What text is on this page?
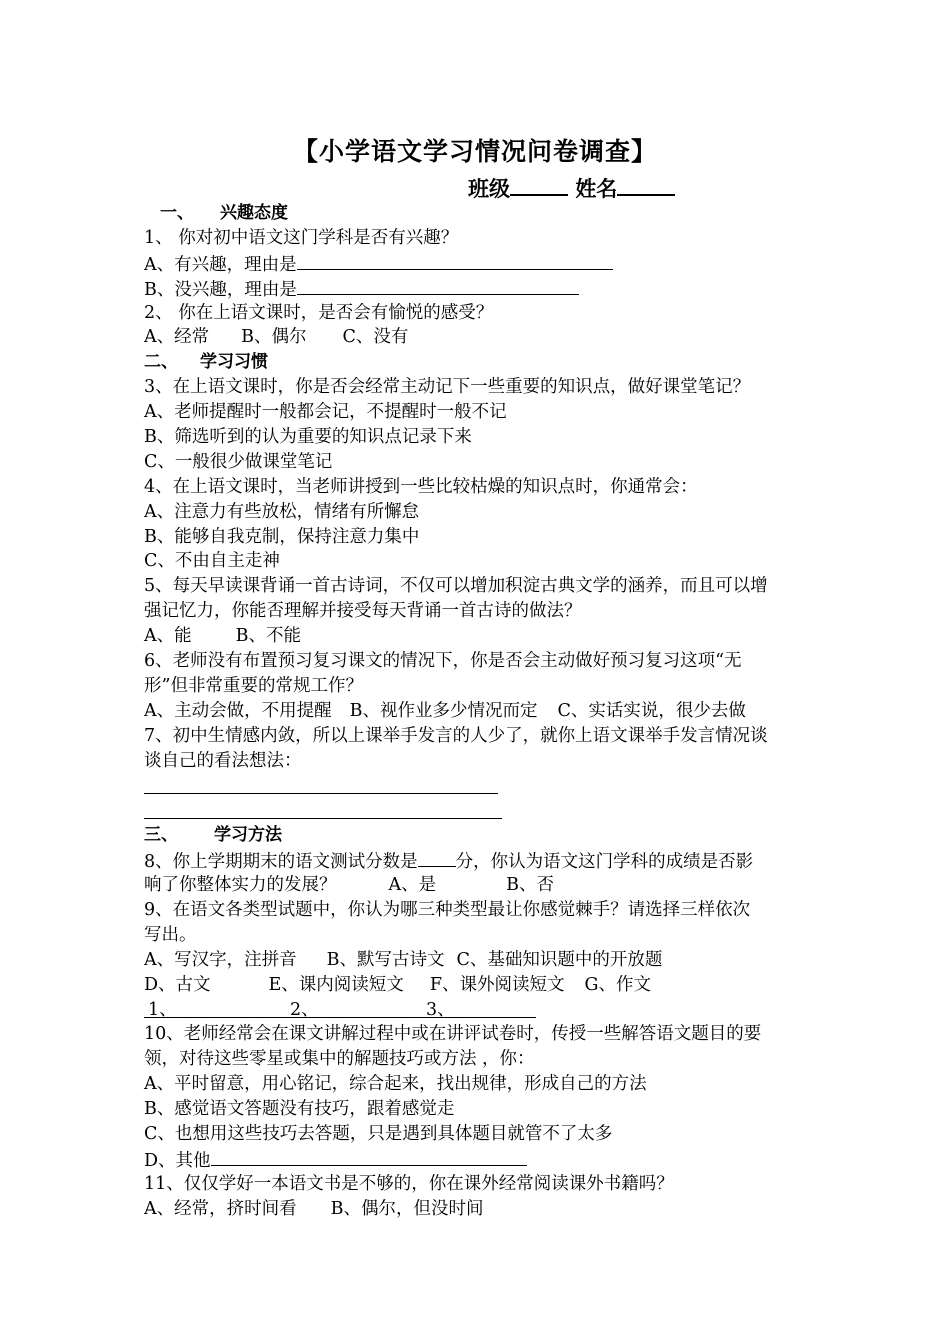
【小学语文学习情况问卷调查】
班级	姓名
一、 兴趣态度
1、 你对初中语文这门学科是否有兴趣？
A、有兴趣，理由是
B、没兴趣，理由是
2、 你在上语文课时，是否会有愉悦的感受？
A、经常 B、偶尔 C、没有
二、 学习习惯
3、在上语文课时，你是否会经常主动记下一些重要的知识点，做好课堂笔记？
A、老师提醒时一般都会记，不提醒时一般不记
B、筛选听到的认为重要的知识点记录下来
C、一般很少做课堂笔记
4、在上语文课时，当老师讲授到一些比较枯燥的知识点时，你通常会：
A、注意力有些放松，情绪有所懈怠
B、能够自我克制，保持注意力集中
C、不由自主走神
5、每天早读课背诵一首古诗词，不仅可以增加积淀古典文学的涵养，而且可以增
强记忆力，你能否理解并接受每天背诵一首古诗的做法？
A、能	B、不能
6、老师没有布置预习复习课文的情况下，你是否会主动做好预习复习这项“无
形”但非常重要的常规工作？
A、主动会做，不用提醒 B、视作业多少情况而定 C、实话实说，很少去做
7、初中生情感内敛，所以上课举手发言的人少了，就你上语文课举手发言情况谈
谈自己的看法想法：
三、 学习方法
8、你上学期期末的语文测试分数是 分，你认为语文这门学科的成绩是否影
响了你整体实力的发展？	A、是	B、否
9、在语文各类型试题中，你认为哪三种类型最让你感觉棘手？请选择三样依次
写出。
A、写汉字，注拼音 B、默写古诗文 C、基础知识题中的开放题
D、古文	E、课内阅读短文 F、课外阅读短文 G、作文
1、	2、	3、
10、老师经常会在课文讲解过程中或在讲评试卷时，传授一些解答语文题目的要
领，对待这些零星或集中的解题技巧或方法 ，你：
A、平时留意，用心铭记，综合起来，找出规律，形成自己的方法
B、感觉语文答题没有技巧，跟着感觉走
C、也想用这些技巧去答题，只是遇到具体题目就管不了太多
D、其他
11、仅仅学好一本语文书是不够的，你在课外经常阅读课外书籍吗？
A、经常，挤时间看 B、偶尔，但没时间
